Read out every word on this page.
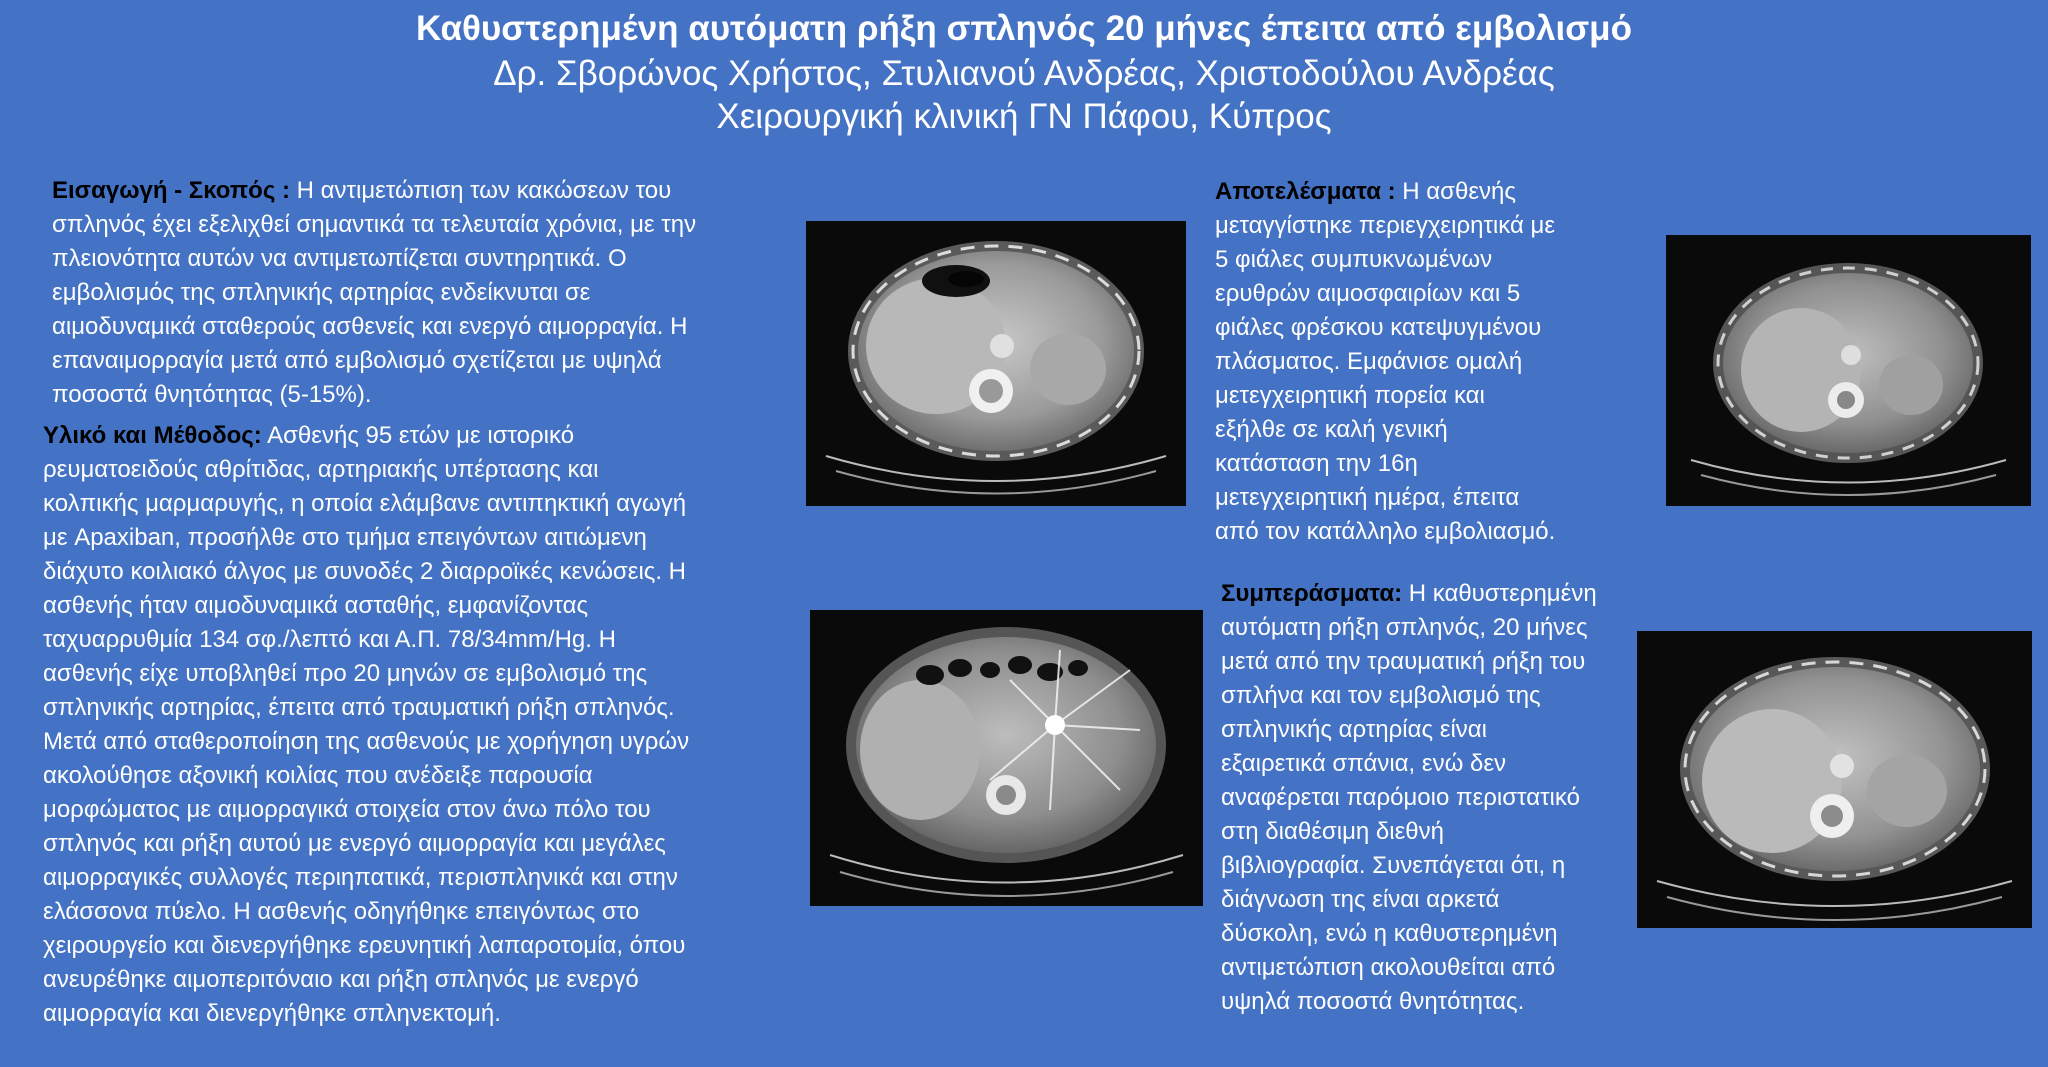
Καθυστερημένη αυτόματη ρήξη σπληνός 20 μήνες έπειτα από εμβολισμό
Δρ. Σβορώνος Χρήστος, Στυλιανού Ανδρέας, Χριστοδούλου Ανδρέας
Χειρουργική κλινική ΓΝ Πάφου, Κύπρος
Εισαγωγή - Σκοπός : Η αντιμετώπιση των κακώσεων του
σπληνός έχει εξελιχθεί σημαντικά τα τελευταία χρόνια, με την
πλειονότητα αυτών να αντιμετωπίζεται συντηρητικά. Ο
εμβολισμός της σπληνικής αρτηρίας ενδείκνυται σε
αιμοδυναμικά σταθερούς ασθενείς και ενεργό αιμορραγία. Η
επαναιμορραγία μετά από εμβολισμό σχετίζεται με υψηλά
ποσοστά θνητότητας (5-15%).
Υλικό και Μέθοδος: Ασθενής 95 ετών με ιστορικό
ρευματοειδούς αθρίτιδας, αρτηριακής υπέρτασης και
κολπικής μαρμαρυγής, η οποία ελάμβανε αντιπηκτική αγωγή
με Apaxiban, προσήλθε στο τμήμα επειγόντων αιτιώμενη
διάχυτο κοιλιακό άλγος με συνοδές 2 διαρροϊκές κενώσεις. Η
ασθενής ήταν αιμοδυναμικά ασταθής, εμφανίζοντας
ταχυαρρυθμία 134 σφ./λεπτό και Α.Π. 78/34mm/Hg. Η
ασθενής είχε υποβληθεί προ 20 μηνών σε εμβολισμό της
σπληνικής αρτηρίας, έπειτα από τραυματική ρήξη σπληνός.
Μετά από σταθεροποίηση της ασθενούς με χορήγηση υγρών
ακολούθησε αξονική κοιλίας που ανέδειξε παρουσία
μορφώματος με αιμορραγικά στοιχεία στον άνω πόλο του
σπληνός και ρήξη αυτού με ενεργό αιμορραγία και μεγάλες
αιμορραγικές συλλογές περιηπατικά, περισπληνικά και στην
ελάσσονα πύελο. Η ασθενής οδηγήθηκε επειγόντως στο
χειρουργείο και διενεργήθηκε ερευνητική λαπαροτομία, όπου
ανευρέθηκε αιμοπεριτόναιο και ρήξη σπληνός με ενεργό
αιμορραγία και διενεργήθηκε σπληνεκτομή.
Αποτελέσματα : Η ασθενής
μεταγγίστηκε περιεγχειρητικά με
5 φιάλες συμπυκνωμένων
ερυθρών αιμοσφαιρίων και 5
φιάλες φρέσκου κατεψυγμένου
πλάσματος. Εμφάνισε ομαλή
μετεγχειρητική πορεία και
εξήλθε σε καλή γενική
κατάσταση την 16η
μετεγχειρητική ημέρα, έπειτα
από τον κατάλληλο εμβολιασμό.
Συμπεράσματα: Η καθυστερημένη
αυτόματη ρήξη σπληνός, 20 μήνες
μετά από την τραυματική ρήξη του
σπλήνα και τον εμβολισμό της
σπληνικής αρτηρίας είναι
εξαιρετικά σπάνια, ενώ δεν
αναφέρεται παρόμοιο περιστατικό
στη διαθέσιμη διεθνή
βιβλιογραφία. Συνεπάγεται ότι, η
διάγνωση της είναι αρκετά
δύσκολη, ενώ η καθυστερημένη
αντιμετώπιση ακολουθείται από
υψηλά ποσοστά θνητότητας.
